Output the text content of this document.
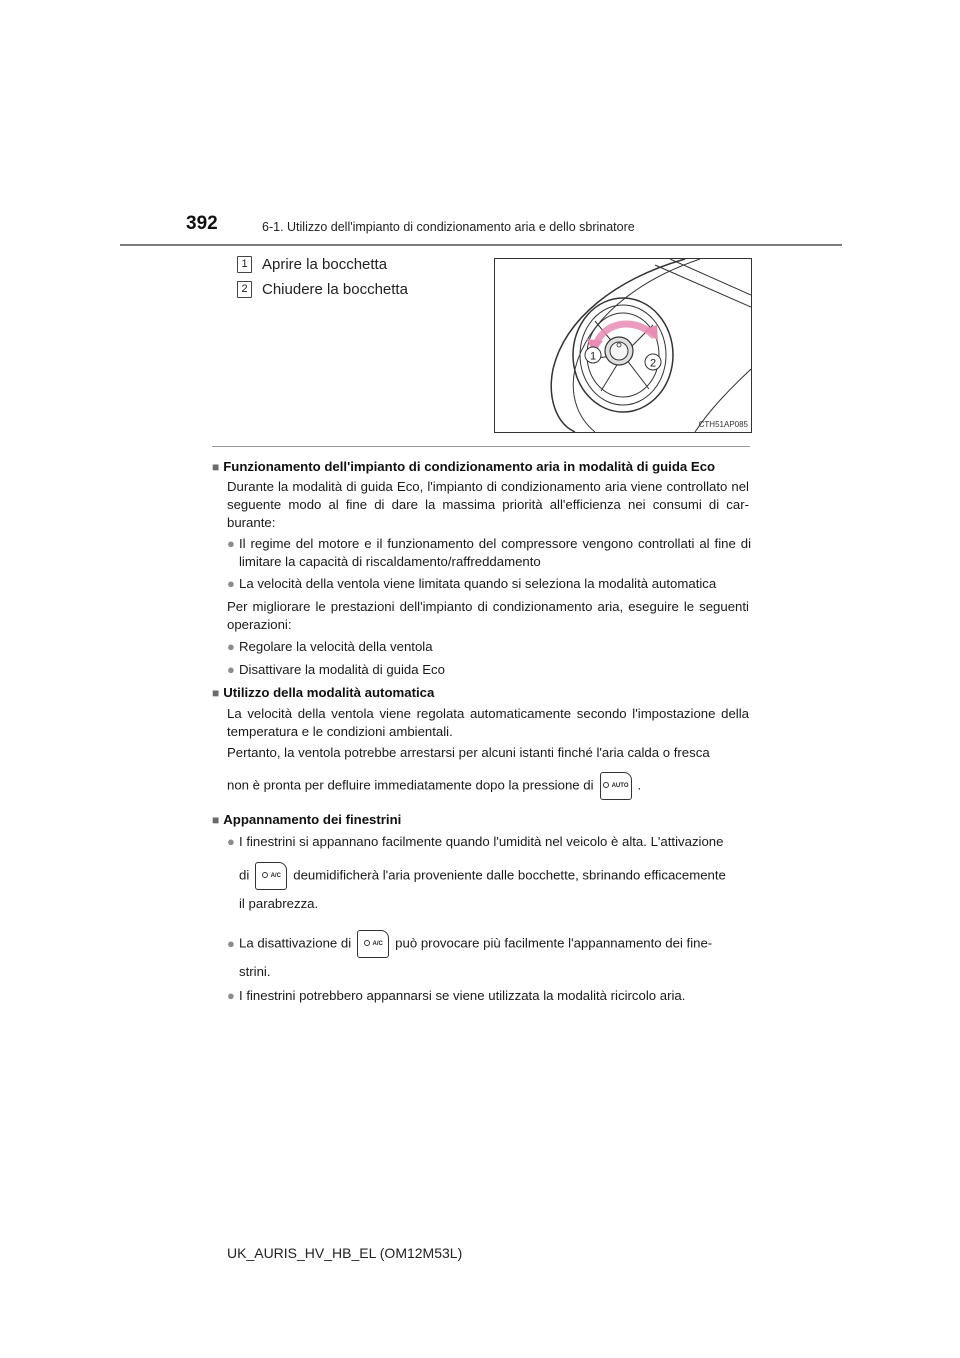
392	6-1. Utilizzo dell'impianto di condizionamento aria e dello sbrinatore
1 Aprire la bocchetta
2 Chiudere la bocchetta
1
2
CTH51AP085
■ Funzionamento dell'impianto di condizionamento aria in modalità di guida Eco
Durante la modalità di guida Eco, l'impianto di condizionamento aria viene controllato nel seguente modo al fine di dare la massima priorità all'efficienza nei consumi di car-burante:
● Il regime del motore e il funzionamento del compressore vengono controllati al fine di limitare la capacità di riscaldamento/raffreddamento
● La velocità della ventola viene limitata quando si seleziona la modalità automatica
Per migliorare le prestazioni dell'impianto di condizionamento aria, eseguire le seguenti operazioni:
● Regolare la velocità della ventola
● Disattivare la modalità di guida Eco
■ Utilizzo della modalità automatica
La velocità della ventola viene regolata automaticamente secondo l'impostazione della temperatura e le condizioni ambientali.
Pertanto, la ventola potrebbe arrestarsi per alcuni istanti finché l'aria calda o fresca
non è pronta per defluire immediatamente dopo la pressione di	AUTO .
■ Appannamento dei finestrini
● I finestrini si appannano facilmente quando l'umidità nel veicolo è alta. L'attivazione
di	A/C deumidificherà l'aria proveniente dalle bocchette, sbrinando efficacemente
il parabrezza.
● La disattivazione di	A/C può provocare più facilmente l'appannamento dei fine-
strini.
● I finestrini potrebbero appannarsi se viene utilizzata la modalità ricircolo aria.
UK_AURIS_HV_HB_EL (OM12M53L)
